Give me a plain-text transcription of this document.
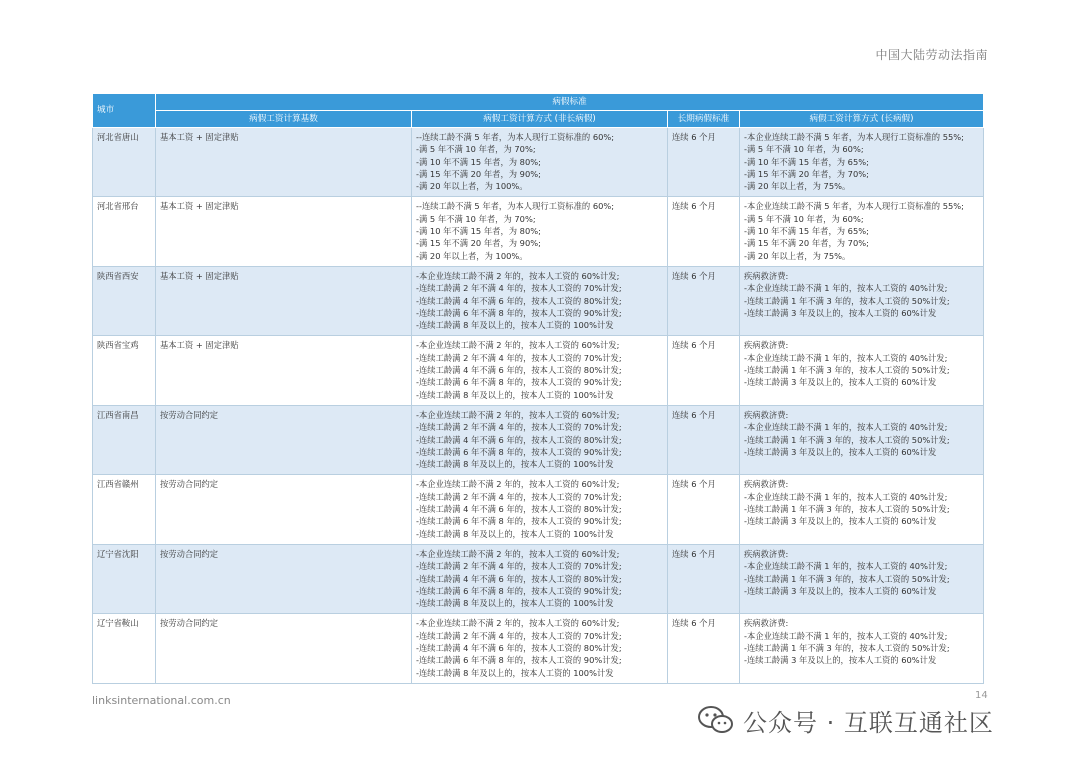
中国大陆劳动法指南
城市	病假标准			
	病假工资计算基数	病假工资计算方式 (非长病假)	长期病假标准	病假工资计算方式 (长病假)
河北省唐山	基本工资 + 固定津贴	--连续工龄不满 5 年者，为本人现行工资标准的 60%;
-满 5 年不满 10 年者，为 70%;
-满 10 年不满 15 年者，为 80%;
-满 15 年不满 20 年者，为 90%;
-满 20 年以上者，为 100%。	连续 6 个月	-本企业连续工龄不满 5 年者，为本人现行工资标准的 55%;
-满 5 年不满 10 年者，为 60%;
-满 10 年不满 15 年者，为 65%;
-满 15 年不满 20 年者，为 70%;
-满 20 年以上者，为 75%。

河北省邢台	基本工资 + 固定津贴	--连续工龄不满 5 年者，为本人现行工资标准的 60%;
-满 5 年不满 10 年者，为 70%;
-满 10 年不满 15 年者，为 80%;
-满 15 年不满 20 年者，为 90%;
-满 20 年以上者，为 100%。	连续 6 个月	-本企业连续工龄不满 5 年者，为本人现行工资标准的 55%;
-满 5 年不满 10 年者，为 60%;
-满 10 年不满 15 年者，为 65%;
-满 15 年不满 20 年者，为 70%;
-满 20 年以上者，为 75%。

陕西省西安	基本工资 + 固定津贴	-本企业连续工龄不满 2 年的，按本人工资的 60%计发;
-连续工龄满 2 年不满 4 年的，按本人工资的 70%计发;
-连续工龄满 4 年不满 6 年的，按本人工资的 80%计发;
-连续工龄满 6 年不满 8 年的，按本人工资的 90%计发;
-连续工龄满 8 年及以上的，按本人工资的 100%计发	连续 6 个月	疾病救济费:
-本企业连续工龄不满 1 年的，按本人工资的 40%计发;
-连续工龄满 1 年不满 3 年的，按本人工资的 50%计发;
-连续工龄满 3 年及以上的，按本人工资的 60%计发

陕西省宝鸡	基本工资 + 固定津贴	-本企业连续工龄不满 2 年的，按本人工资的 60%计发;
-连续工龄满 2 年不满 4 年的，按本人工资的 70%计发;
-连续工龄满 4 年不满 6 年的，按本人工资的 80%计发;
-连续工龄满 6 年不满 8 年的，按本人工资的 90%计发;
-连续工龄满 8 年及以上的，按本人工资的 100%计发	连续 6 个月	疾病救济费:
-本企业连续工龄不满 1 年的，按本人工资的 40%计发;
-连续工龄满 1 年不满 3 年的，按本人工资的 50%计发;
-连续工龄满 3 年及以上的，按本人工资的 60%计发

江西省南昌	按劳动合同约定	-本企业连续工龄不满 2 年的，按本人工资的 60%计发;
-连续工龄满 2 年不满 4 年的，按本人工资的 70%计发;
-连续工龄满 4 年不满 6 年的，按本人工资的 80%计发;
-连续工龄满 6 年不满 8 年的，按本人工资的 90%计发;
-连续工龄满 8 年及以上的，按本人工资的 100%计发	连续 6 个月	疾病救济费:
-本企业连续工龄不满 1 年的，按本人工资的 40%计发;
-连续工龄满 1 年不满 3 年的，按本人工资的 50%计发;
-连续工龄满 3 年及以上的，按本人工资的 60%计发

江西省赣州	按劳动合同约定	-本企业连续工龄不满 2 年的，按本人工资的 60%计发;
-连续工龄满 2 年不满 4 年的，按本人工资的 70%计发;
-连续工龄满 4 年不满 6 年的，按本人工资的 80%计发;
-连续工龄满 6 年不满 8 年的，按本人工资的 90%计发;
-连续工龄满 8 年及以上的，按本人工资的 100%计发	连续 6 个月	疾病救济费:
-本企业连续工龄不满 1 年的，按本人工资的 40%计发;
-连续工龄满 1 年不满 3 年的，按本人工资的 50%计发;
-连续工龄满 3 年及以上的，按本人工资的 60%计发

辽宁省沈阳	按劳动合同约定	-本企业连续工龄不满 2 年的，按本人工资的 60%计发;
-连续工龄满 2 年不满 4 年的，按本人工资的 70%计发;
-连续工龄满 4 年不满 6 年的，按本人工资的 80%计发;
-连续工龄满 6 年不满 8 年的，按本人工资的 90%计发;
-连续工龄满 8 年及以上的，按本人工资的 100%计发	连续 6 个月	疾病救济费:
-本企业连续工龄不满 1 年的，按本人工资的 40%计发;
-连续工龄满 1 年不满 3 年的，按本人工资的 50%计发;
-连续工龄满 3 年及以上的，按本人工资的 60%计发

辽宁省鞍山	按劳动合同约定	-本企业连续工龄不满 2 年的，按本人工资的 60%计发;
-连续工龄满 2 年不满 4 年的，按本人工资的 70%计发;
-连续工龄满 4 年不满 6 年的，按本人工资的 80%计发;
-连续工龄满 6 年不满 8 年的，按本人工资的 90%计发;
-连续工龄满 8 年及以上的，按本人工资的 100%计发	连续 6 个月	疾病救济费:
-本企业连续工龄不满 1 年的，按本人工资的 40%计发;
-连续工龄满 1 年不满 3 年的，按本人工资的 50%计发;
-连续工龄满 3 年及以上的，按本人工资的 60%计发
linksinternational.com.cn	14
公众号 · 互联互通社区
